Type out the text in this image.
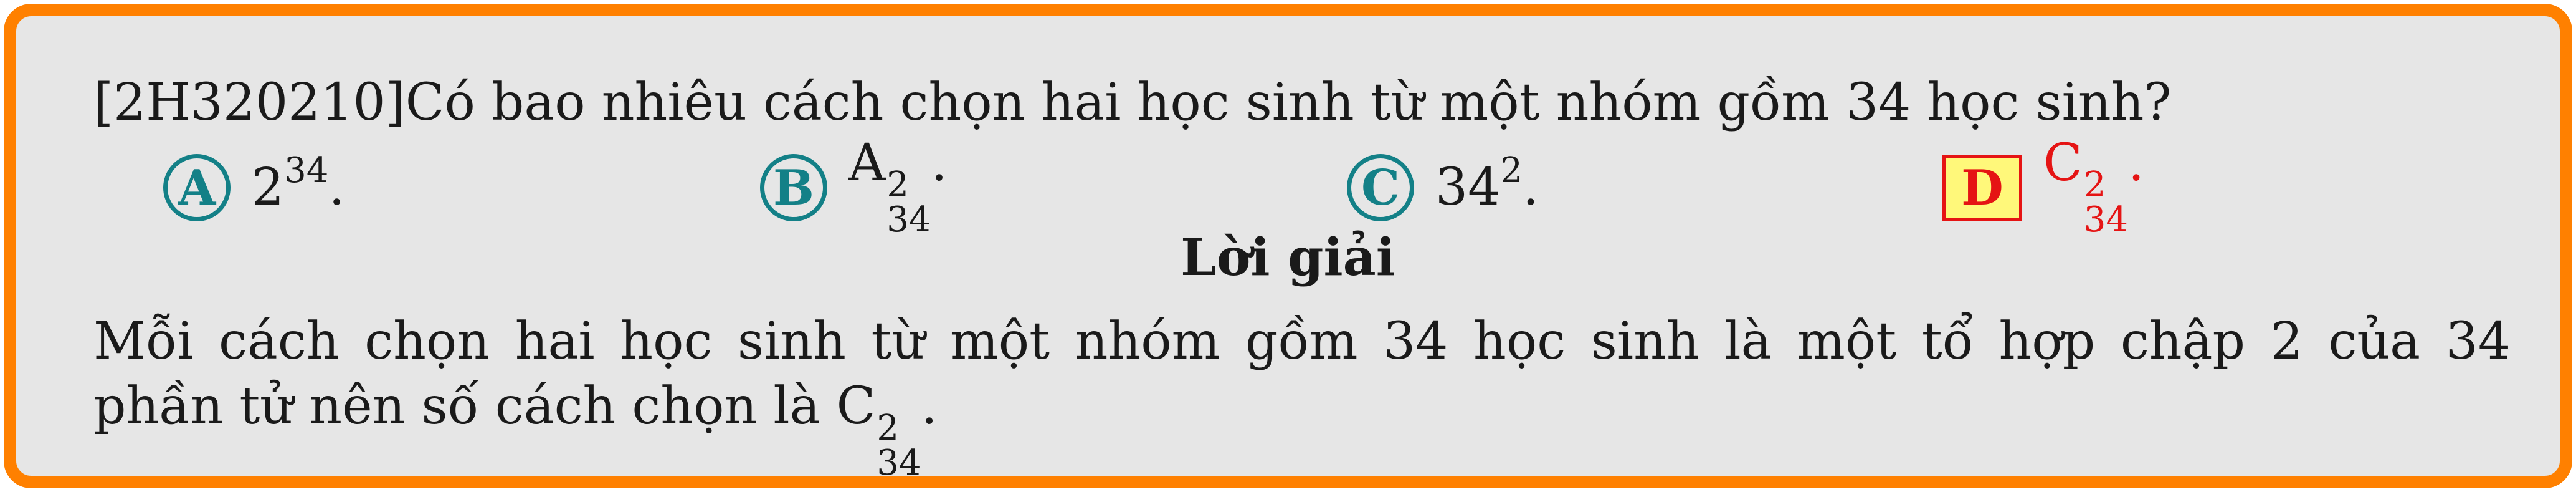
[2H320210]Có bao nhiêu cách chọn hai học sinh từ một nhóm gồm 34 học sinh?
A $2^{34}$.	B A 2
34
.	C $34^2$.	D C 2
34
.
Lời giải
Mỗi cách chọn hai học sinh từ một nhóm gồm 34 học sinh là một tổ hợp chập 2 của 34
phần tử nên số cách chọn là C 2
34
.
